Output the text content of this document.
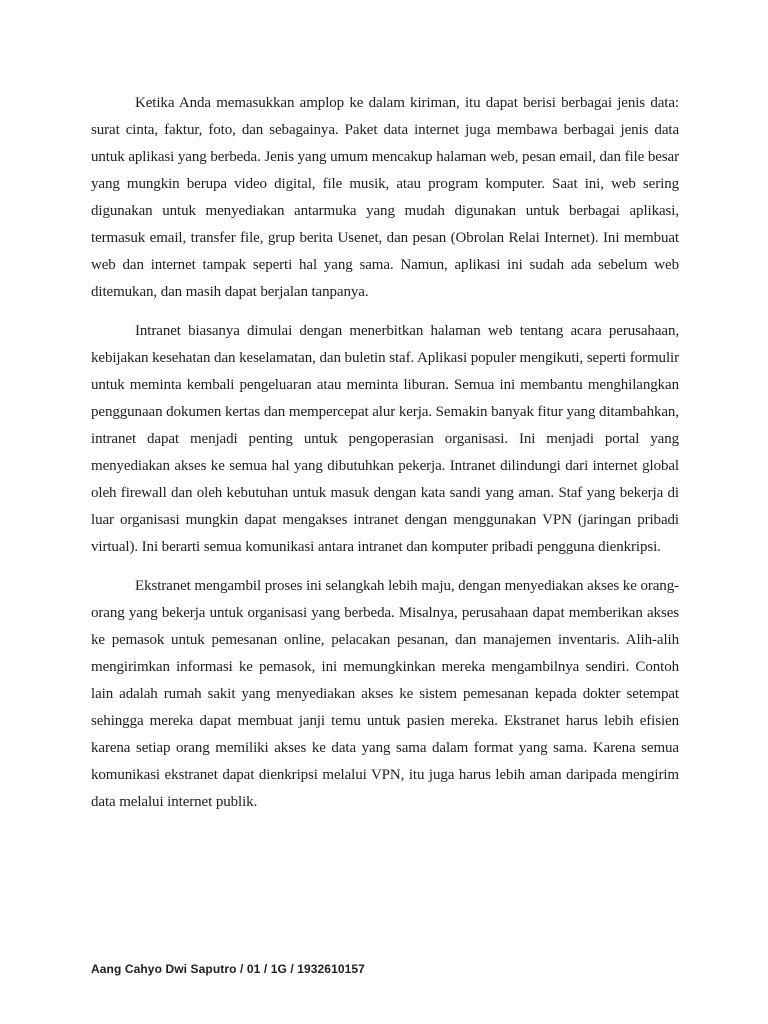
Ketika Anda memasukkan amplop ke dalam kiriman, itu dapat berisi berbagai jenis data: surat cinta, faktur, foto, dan sebagainya. Paket data internet juga membawa berbagai jenis data untuk aplikasi yang berbeda. Jenis yang umum mencakup halaman web, pesan email, dan file besar yang mungkin berupa video digital, file musik, atau program komputer. Saat ini, web sering digunakan untuk menyediakan antarmuka yang mudah digunakan untuk berbagai aplikasi, termasuk email, transfer file, grup berita Usenet, dan pesan (Obrolan Relai Internet). Ini membuat web dan internet tampak seperti hal yang sama. Namun, aplikasi ini sudah ada sebelum web ditemukan, dan masih dapat berjalan tanpanya.

Intranet biasanya dimulai dengan menerbitkan halaman web tentang acara perusahaan, kebijakan kesehatan dan keselamatan, dan buletin staf. Aplikasi populer mengikuti, seperti formulir untuk meminta kembali pengeluaran atau meminta liburan. Semua ini membantu menghilangkan penggunaan dokumen kertas dan mempercepat alur kerja. Semakin banyak fitur yang ditambahkan, intranet dapat menjadi penting untuk pengoperasian organisasi. Ini menjadi portal yang menyediakan akses ke semua hal yang dibutuhkan pekerja. Intranet dilindungi dari internet global oleh firewall dan oleh kebutuhan untuk masuk dengan kata sandi yang aman. Staf yang bekerja di luar organisasi mungkin dapat mengakses intranet dengan menggunakan VPN (jaringan pribadi virtual). Ini berarti semua komunikasi antara intranet dan komputer pribadi pengguna dienkripsi.

Ekstranet mengambil proses ini selangkah lebih maju, dengan menyediakan akses ke orang-orang yang bekerja untuk organisasi yang berbeda. Misalnya, perusahaan dapat memberikan akses ke pemasok untuk pemesanan online, pelacakan pesanan, dan manajemen inventaris. Alih-alih mengirimkan informasi ke pemasok, ini memungkinkan mereka mengambilnya sendiri. Contoh lain adalah rumah sakit yang menyediakan akses ke sistem pemesanan kepada dokter setempat sehingga mereka dapat membuat janji temu untuk pasien mereka. Ekstranet harus lebih efisien karena setiap orang memiliki akses ke data yang sama dalam format yang sama. Karena semua komunikasi ekstranet dapat dienkripsi melalui VPN, itu juga harus lebih aman daripada mengirim data melalui internet publik.

Aang Cahyo Dwi Saputro / 01 / 1G / 1932610157
